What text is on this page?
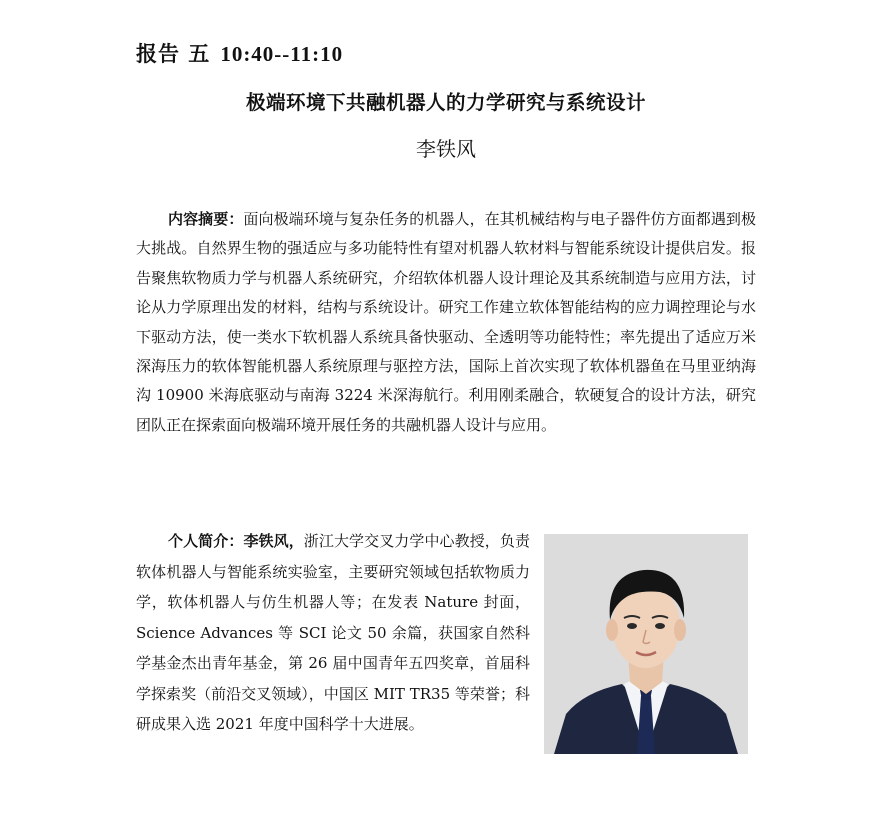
报告 五 10:40--11:10
极端环境下共融机器人的力学研究与系统设计
李铁风
内容摘要：面向极端环境与复杂任务的机器人，在其机械结构与电子器件仿方面都遇到极大挑战。自然界生物的强适应与多功能特性有望对机器人软材料与智能系统设计提供启发。报告聚焦软物质力学与机器人系统研究，介绍软体机器人设计理论及其系统制造与应用方法，讨论从力学原理出发的材料，结构与系统设计。研究工作建立软体智能结构的应力调控理论与水下驱动方法，使一类水下软机器人系统具备快驱动、全透明等功能特性；率先提出了适应万米深海压力的软体智能机器人系统原理与驱控方法，国际上首次实现了软体机器鱼在马里亚纳海沟 10900 米海底驱动与南海 3224 米深海航行。利用刚柔融合，软硬复合的设计方法，研究团队正在探索面向极端环境开展任务的共融机器人设计与应用。
个人简介：李铁风，浙江大学交叉力学中心教授，负责软体机器人与智能系统实验室，主要研究领域包括软物质力学，软体机器人与仿生机器人等；在发表 Nature 封面，Science Advances 等 SCI 论文 50 余篇，获国家自然科学基金杰出青年基金，第 26 届中国青年五四奖章，首届科学探索奖（前沿交叉领域），中国区 MIT TR35 等荣誉；科研成果入选 2021 年度中国科学十大进展。
